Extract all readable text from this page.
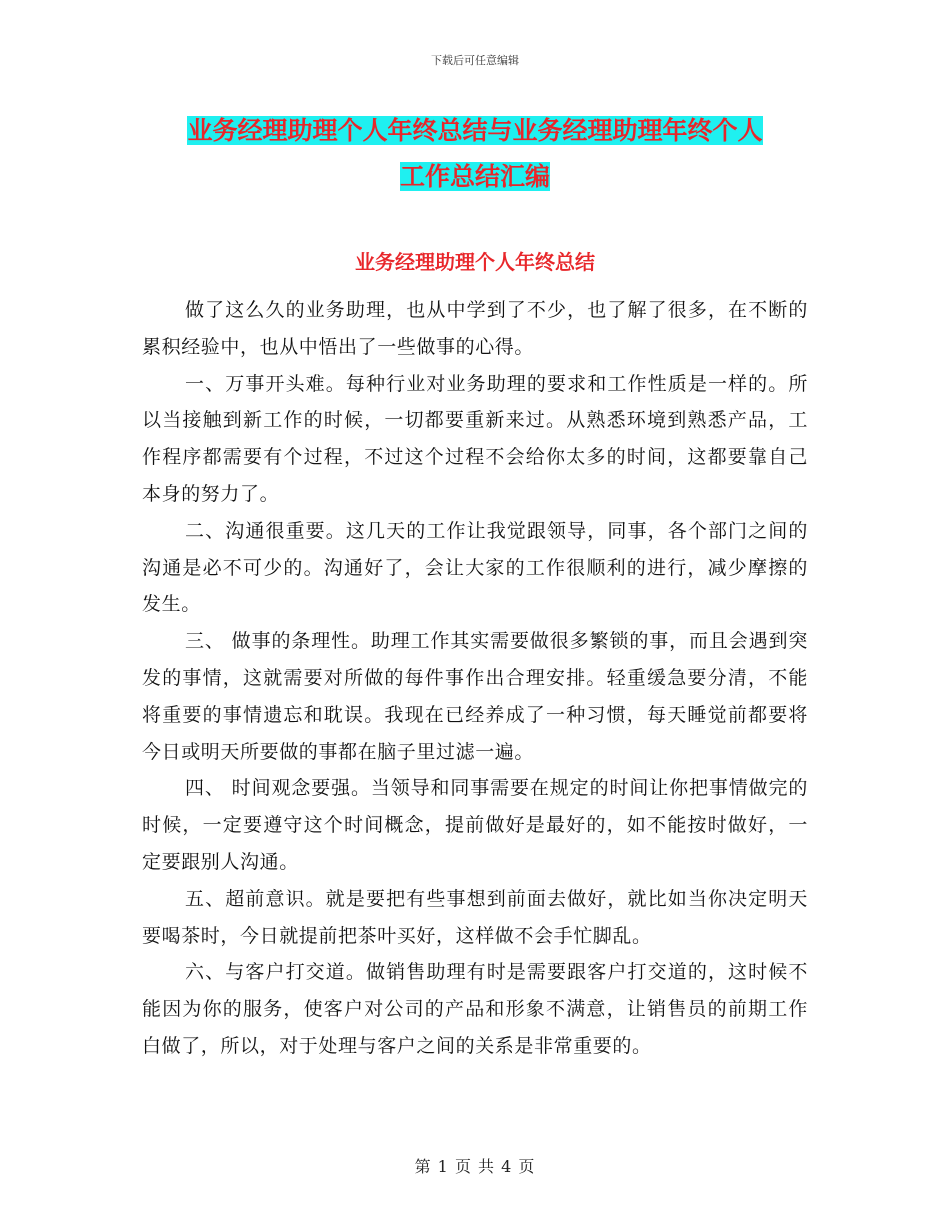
下载后可任意编辑
业务经理助理个人年终总结与业务经理助理年终个人
工作总结汇编
业务经理助理个人年终总结

做了这么久的业务助理，也从中学到了不少，也了解了很多，在不断的累积经验中，也从中悟出了一些做事的心得。

一、万事开头难。每种行业对业务助理的要求和工作性质是一样的。所以当接触到新工作的时候，一切都要重新来过。从熟悉环境到熟悉产品，工作程序都需要有个过程，不过这个过程不会给你太多的时间，这都要靠自己本身的努力了。

二、沟通很重要。这几天的工作让我觉跟领导，同事，各个部门之间的沟通是必不可少的。沟通好了，会让大家的工作很顺利的进行，减少摩擦的发生。

三、 做事的条理性。助理工作其实需要做很多繁锁的事，而且会遇到突发的事情，这就需要对所做的每件事作出合理安排。轻重缓急要分清，不能将重要的事情遗忘和耽误。我现在已经养成了一种习惯，每天睡觉前都要将今日或明天所要做的事都在脑子里过滤一遍。

四、 时间观念要强。当领导和同事需要在规定的时间让你把事情做完的时候，一定要遵守这个时间概念，提前做好是最好的，如不能按时做好，一定要跟别人沟通。

五、超前意识。就是要把有些事想到前面去做好，就比如当你决定明天要喝茶时，今日就提前把茶叶买好，这样做不会手忙脚乱。

六、与客户打交道。做销售助理有时是需要跟客户打交道的，这时候不能因为你的服务，使客户对公司的产品和形象不满意，让销售员的前期工作白做了，所以，对于处理与客户之间的关系是非常重要的。

第 1 页 共 4 页
